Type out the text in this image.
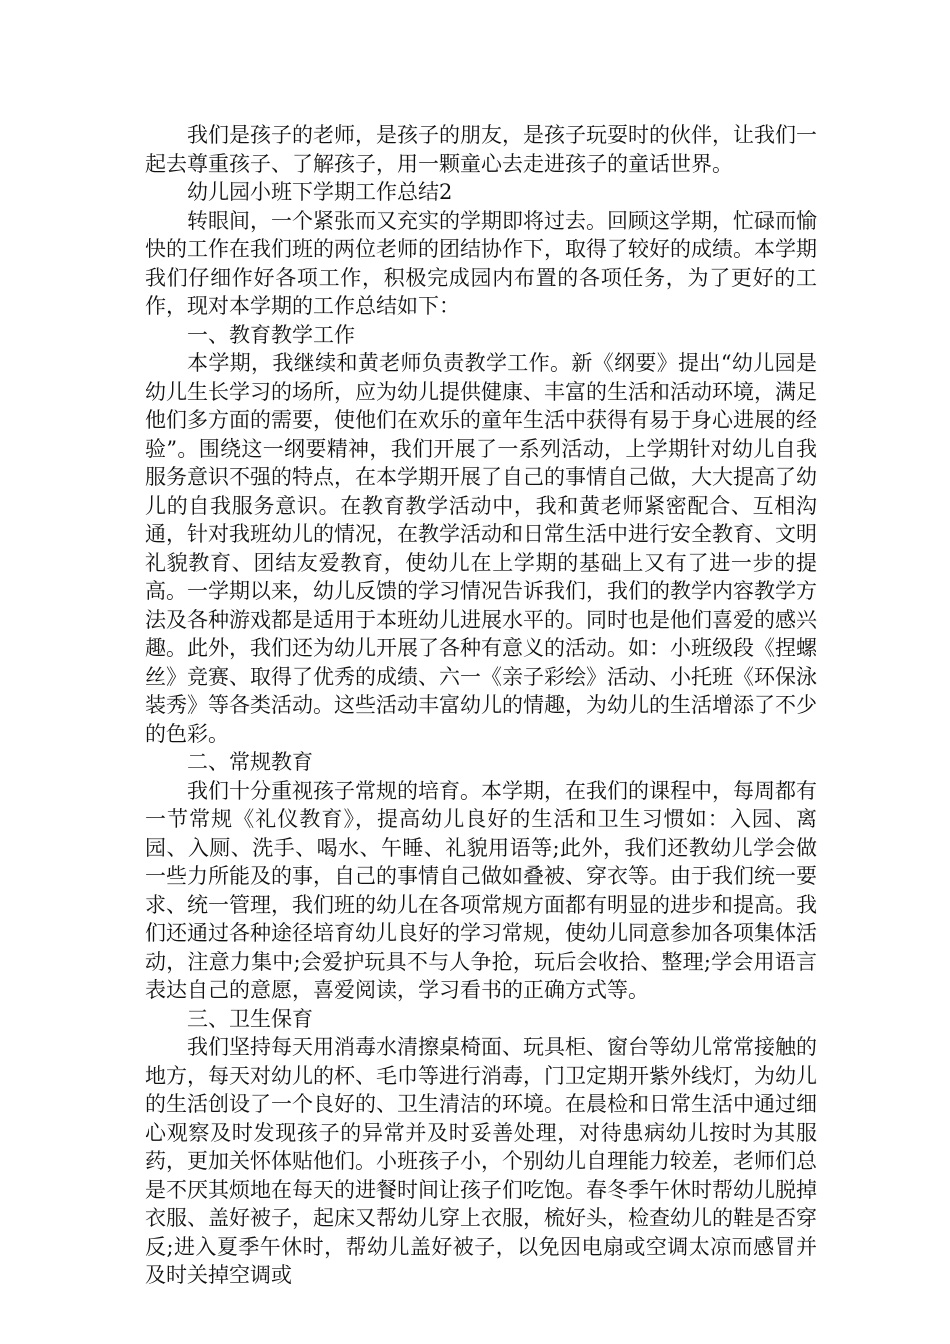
我们是孩子的老师，是孩子的朋友，是孩子玩耍时的伙伴，让我们一起去尊重孩子、了解孩子，用一颗童心去走进孩子的童话世界。

幼儿园小班下学期工作总结2

转眼间，一个紧张而又充实的学期即将过去。回顾这学期，忙碌而愉快的工作在我们班的两位老师的团结协作下，取得了较好的成绩。本学期我们仔细作好各项工作，积极完成园内布置的各项任务，为了更好的工作，现对本学期的工作总结如下：

一、教育教学工作

本学期，我继续和黄老师负责教学工作。新《纲要》提出“幼儿园是幼儿生长学习的场所，应为幼儿提供健康、丰富的生活和活动环境，满足他们多方面的需要，使他们在欢乐的童年生活中获得有易于身心进展的经验”。围绕这一纲要精神，我们开展了一系列活动，上学期针对幼儿自我服务意识不强的特点，在本学期开展了自己的事情自己做，大大提高了幼儿的自我服务意识。在教育教学活动中，我和黄老师紧密配合、互相沟通，针对我班幼儿的情况，在教学活动和日常生活中进行安全教育、文明礼貌教育、团结友爱教育，使幼儿在上学期的基础上又有了进一步的提高。一学期以来，幼儿反馈的学习情况告诉我们，我们的教学内容教学方法及各种游戏都是适用于本班幼儿进展水平的。同时也是他们喜爱的感兴趣。此外，我们还为幼儿开展了各种有意义的活动。如：小班级段《捏螺丝》竞赛、取得了优秀的成绩、六一《亲子彩绘》活动、小托班《环保泳装秀》等各类活动。这些活动丰富幼儿的情趣，为幼儿的生活增添了不少的色彩。

二、常规教育

我们十分重视孩子常规的培育。本学期，在我们的课程中，每周都有一节常规《礼仪教育》，提高幼儿良好的生活和卫生习惯如：入园、离园、入厕、洗手、喝水、午睡、礼貌用语等;此外，我们还教幼儿学会做一些力所能及的事，自己的事情自己做如叠被、穿衣等。由于我们统一要求、统一管理，我们班的幼儿在各项常规方面都有明显的进步和提高。我们还通过各种途径培育幼儿良好的学习常规，使幼儿同意参加各项集体活动，注意力集中;会爱护玩具不与人争抢，玩后会收拾、整理;学会用语言表达自己的意愿，喜爱阅读，学习看书的正确方式等。

三、卫生保育

我们坚持每天用消毒水清擦桌椅面、玩具柜、窗台等幼儿常常接触的地方，每天对幼儿的杯、毛巾等进行消毒，门卫定期开紫外线灯，为幼儿的生活创设了一个良好的、卫生清洁的环境。在晨检和日常生活中通过细心观察及时发现孩子的异常并及时妥善处理，对待患病幼儿按时为其服药，更加关怀体贴他们。小班孩子小，个别幼儿自理能力较差，老师们总是不厌其烦地在每天的进餐时间让孩子们吃饱。春冬季午休时帮幼儿脱掉衣服、盖好被子，起床又帮幼儿穿上衣服，梳好头，检查幼儿的鞋是否穿反;进入夏季午休时，帮幼儿盖好被子，以免因电扇或空调太凉而感冒并及时关掉空调或
